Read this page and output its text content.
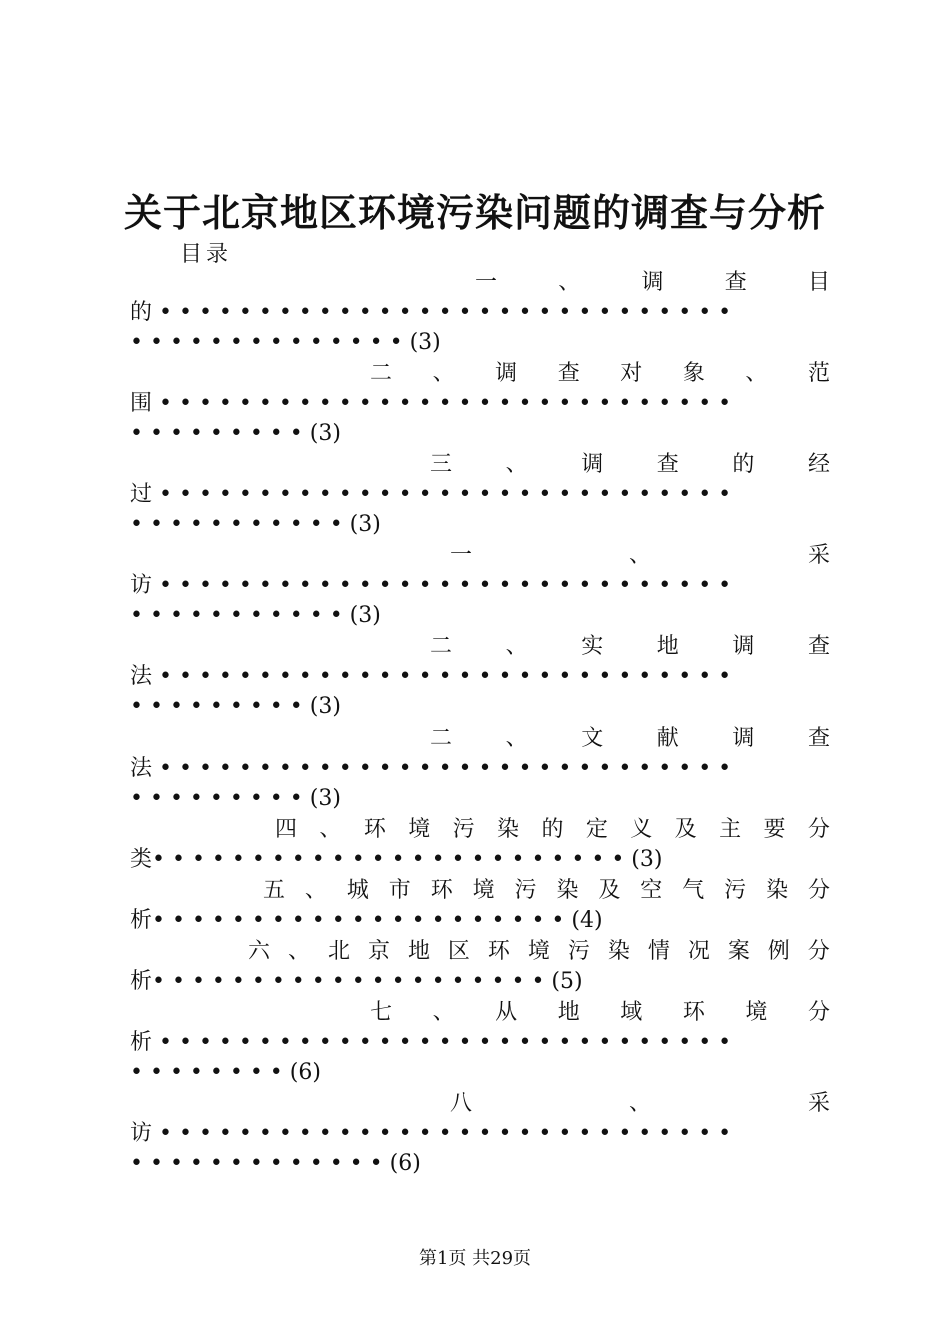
关于北京地区环境污染问题的调查与分析
目录
一	、	调	查	目
的 • • • • • • • • • • • • • • • • • • • • • • • • • • • • •
• • • • • • • • • • • • • • (3)
二 、 调 查 对 象 、 范
围 • • • • • • • • • • • • • • • • • • • • • • • • • • • • •
• • • • • • • • • (3)
三 、 调 查 的 经
过 • • • • • • • • • • • • • • • • • • • • • • • • • • • • •
• • • • • • • • • • • (3)
一	、	采
访 • • • • • • • • • • • • • • • • • • • • • • • • • • • • •
• • • • • • • • • • • (3)
二 、 实 地 调 查
法 • • • • • • • • • • • • • • • • • • • • • • • • • • • • •
• • • • • • • • • (3)
二 、 文 献 调 查
法 • • • • • • • • • • • • • • • • • • • • • • • • • • • • •
• • • • • • • • • (3)
四 、 环 境 污 染 的 定 义 及 主 要 分
类• • • • • • • • • • • • • • • • • • • • • • • • (3)
五 、 城 市 环 境 污 染 及 空 气 污 染 分
析• • • • • • • • • • • • • • • • • • • • • (4)
六 、 北 京 地 区 环 境 污 染 情 况 案 例 分
析• • • • • • • • • • • • • • • • • • • • (5)
七 、 从 地 域 环 境 分
析 • • • • • • • • • • • • • • • • • • • • • • • • • • • • •
• • • • • • • • (6)
八	、	采
访 • • • • • • • • • • • • • • • • • • • • • • • • • • • • •
• • • • • • • • • • • • • (6)
第1页 共29页
